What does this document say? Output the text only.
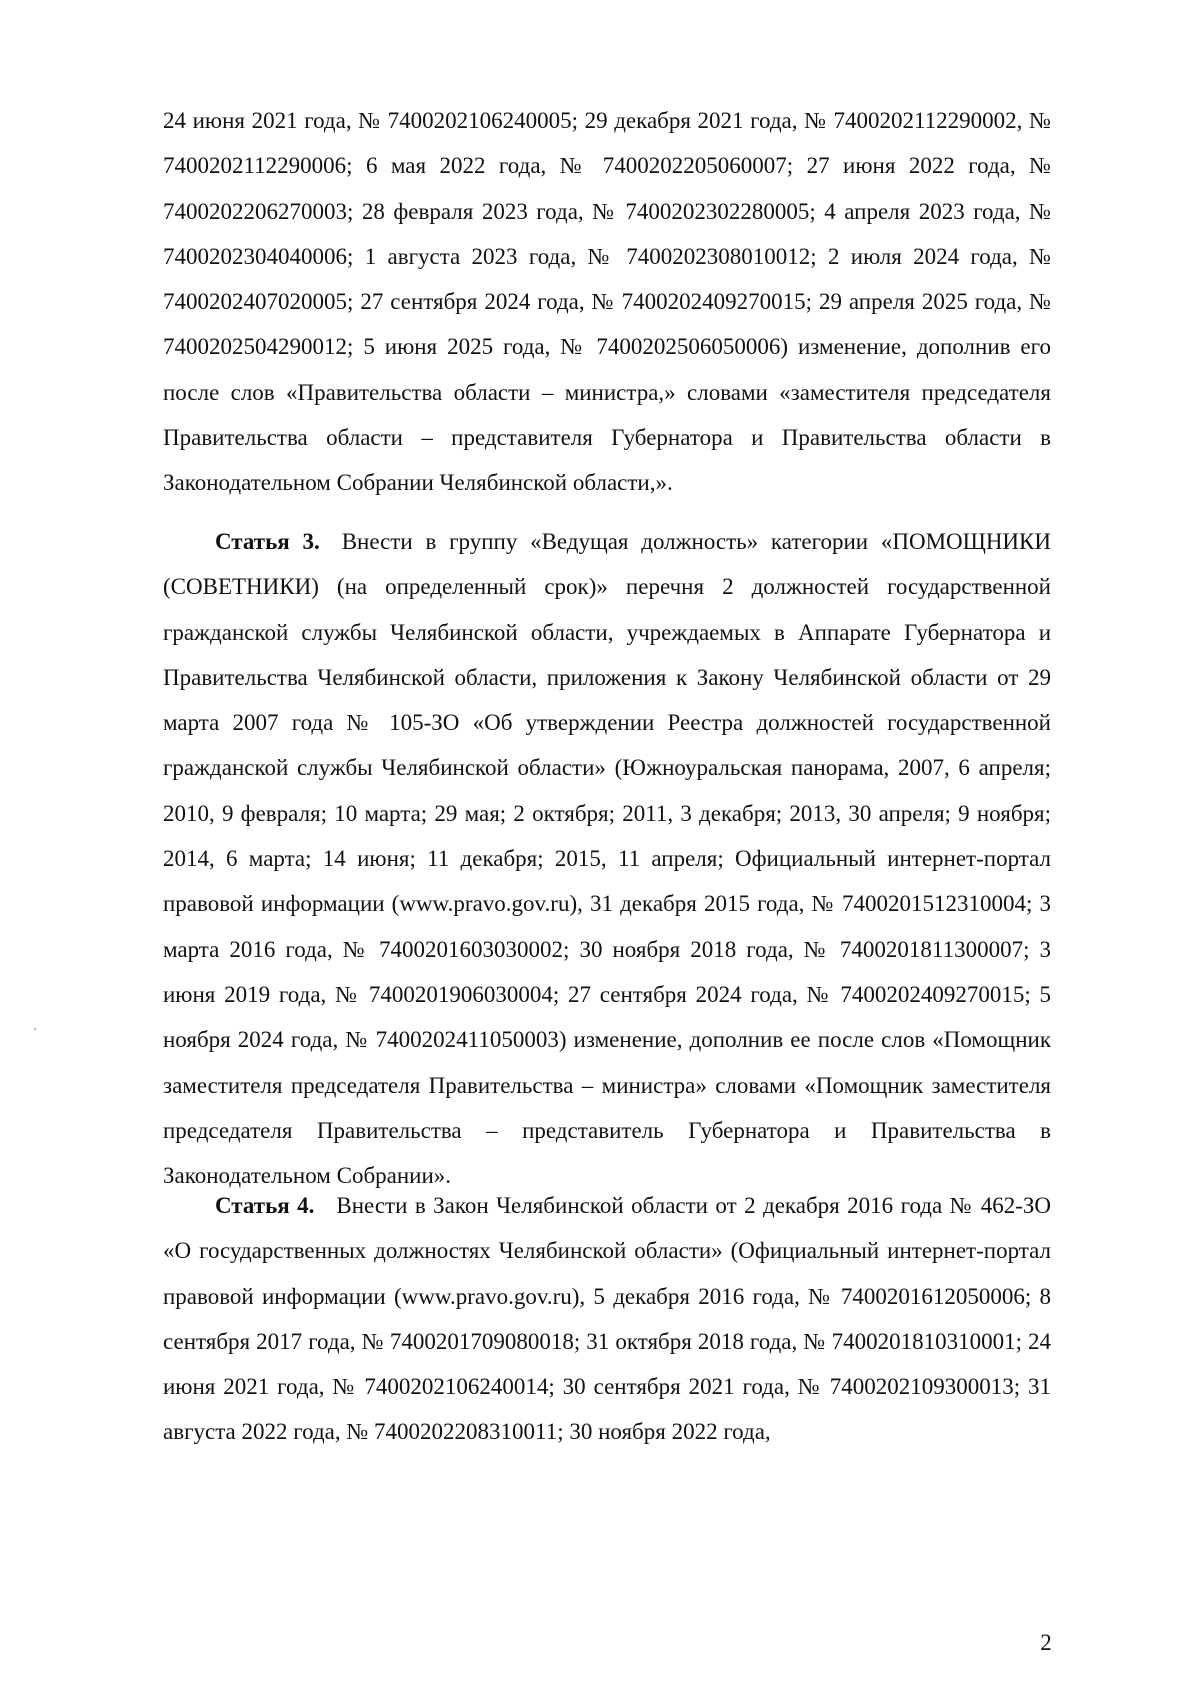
24 июня 2021 года, № 7400202106240005; 29 декабря 2021 года, № 7400202112290002, № 7400202112290006; 6 мая 2022 года, № 7400202205060007; 27 июня 2022 года, № 7400202206270003; 28 февраля 2023 года, № 7400202302280005; 4 апреля 2023 года, № 7400202304040006; 1 августа 2023 года, № 7400202308010012; 2 июля 2024 года, № 7400202407020005; 27 сентября 2024 года, № 7400202409270015; 29 апреля 2025 года, № 7400202504290012; 5 июня 2025 года, № 7400202506050006) изменение, дополнив его после слов «Правительства области – министра,» словами «заместителя председателя Правительства области – представителя Губернатора и Правительства области в Законодательном Собрании Челябинской области,».

Статья 3. Внести в группу «Ведущая должность» категории «ПОМОЩНИКИ (СОВЕТНИКИ) (на определенный срок)» перечня 2 должностей государственной гражданской службы Челябинской области, учреждаемых в Аппарате Губернатора и Правительства Челябинской области, приложения к Закону Челябинской области от 29 марта 2007 года № 105-ЗО «Об утверждении Реестра должностей государственной гражданской службы Челябинской области» (Южноуральская панорама, 2007, 6 апреля; 2010, 9 февраля; 10 марта; 29 мая; 2 октября; 2011, 3 декабря; 2013, 30 апреля; 9 ноября; 2014, 6 марта; 14 июня; 11 декабря; 2015, 11 апреля; Официальный интернет-портал правовой информации (www.pravo.gov.ru), 31 декабря 2015 года, № 7400201512310004; 3 марта 2016 года, № 7400201603030002; 30 ноября 2018 года, № 7400201811300007; 3 июня 2019 года, № 7400201906030004; 27 сентября 2024 года, № 7400202409270015; 5 ноября 2024 года, № 7400202411050003) изменение, дополнив ее после слов «Помощник заместителя председателя Правительства – министра» словами «Помощник заместителя председателя Правительства – представитель Губернатора и Правительства в Законодательном Собрании».

Статья 4. Внести в Закон Челябинской области от 2 декабря 2016 года № 462-ЗО «О государственных должностях Челябинской области» (Официальный интернет-портал правовой информации (www.pravo.gov.ru), 5 декабря 2016 года, № 7400201612050006; 8 сентября 2017 года, № 7400201709080018; 31 октября 2018 года, № 7400201810310001; 24 июня 2021 года, № 7400202106240014; 30 сентября 2021 года, № 7400202109300013; 31 августа 2022 года, № 7400202208310011; 30 ноября 2022 года,

2
